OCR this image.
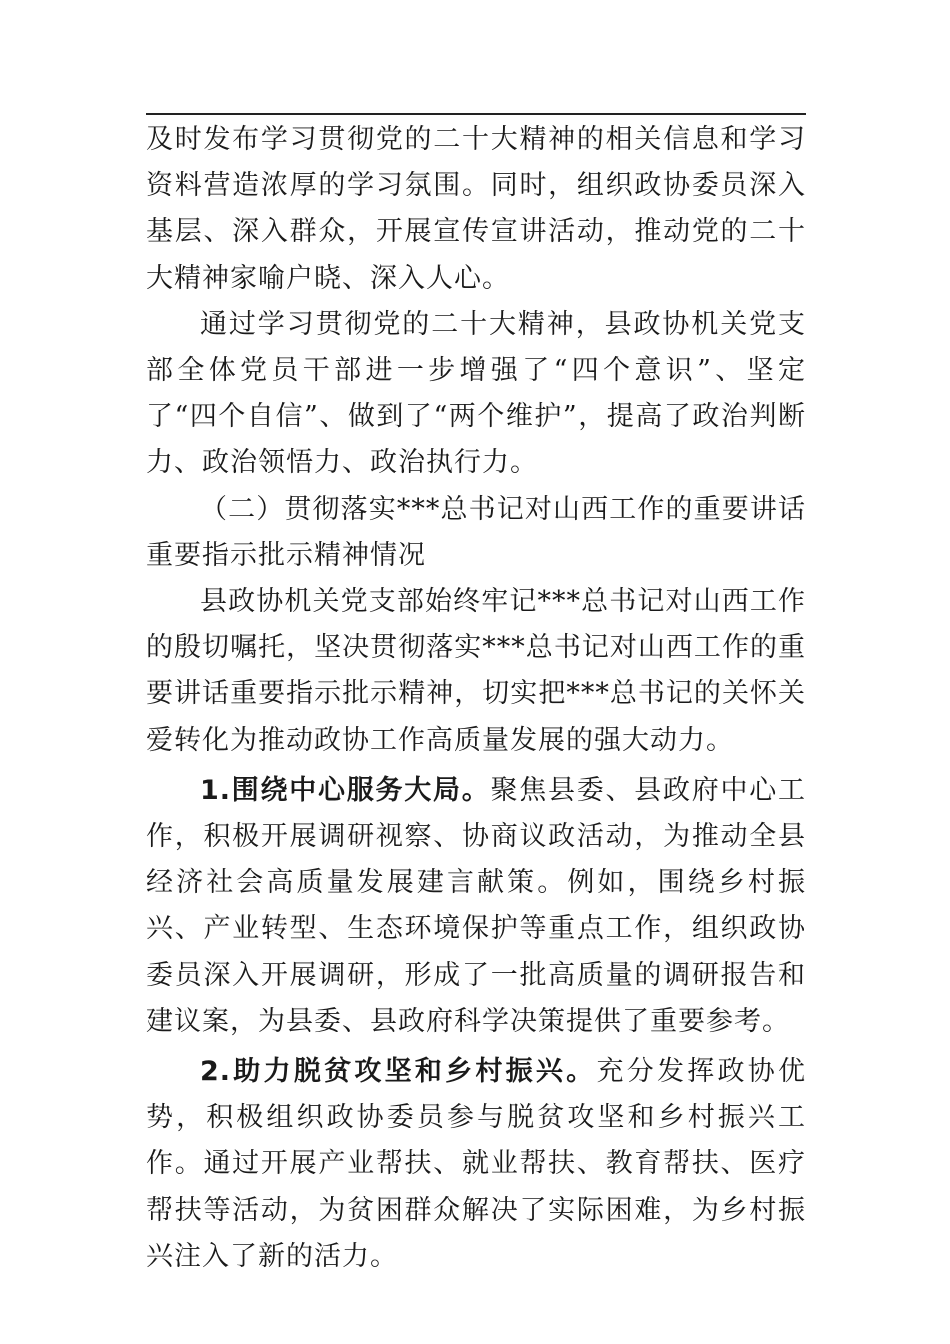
及时发布学习贯彻党的二十大精神的相关信息和学习资料营造浓厚的学习氛围。同时，组织政协委员深入基层、深入群众，开展宣传宣讲活动，推动党的二十大精神家喻户晓、深入人心。

通过学习贯彻党的二十大精神，县政协机关党支部全体党员干部进一步增强了“四个意识”、坚定了“四个自信”、做到了“两个维护”，提高了政治判断力、政治领悟力、政治执行力。

（二）贯彻落实***总书记对山西工作的重要讲话重要指示批示精神情况

县政协机关党支部始终牢记***总书记对山西工作的殷切嘱托，坚决贯彻落实***总书记对山西工作的重要讲话重要指示批示精神，切实把***总书记的关怀关爱转化为推动政协工作高质量发展的强大动力。

1.围绕中心服务大局。聚焦县委、县政府中心工作，积极开展调研视察、协商议政活动，为推动全县经济社会高质量发展建言献策。例如，围绕乡村振兴、产业转型、生态环境保护等重点工作，组织政协委员深入开展调研，形成了一批高质量的调研报告和建议案，为县委、县政府科学决策提供了重要参考。

2.助力脱贫攻坚和乡村振兴。充分发挥政协优势，积极组织政协委员参与脱贫攻坚和乡村振兴工作。通过开展产业帮扶、就业帮扶、教育帮扶、医疗帮扶等活动，为贫困群众解决了实际困难，为乡村振兴注入了新的活力。
